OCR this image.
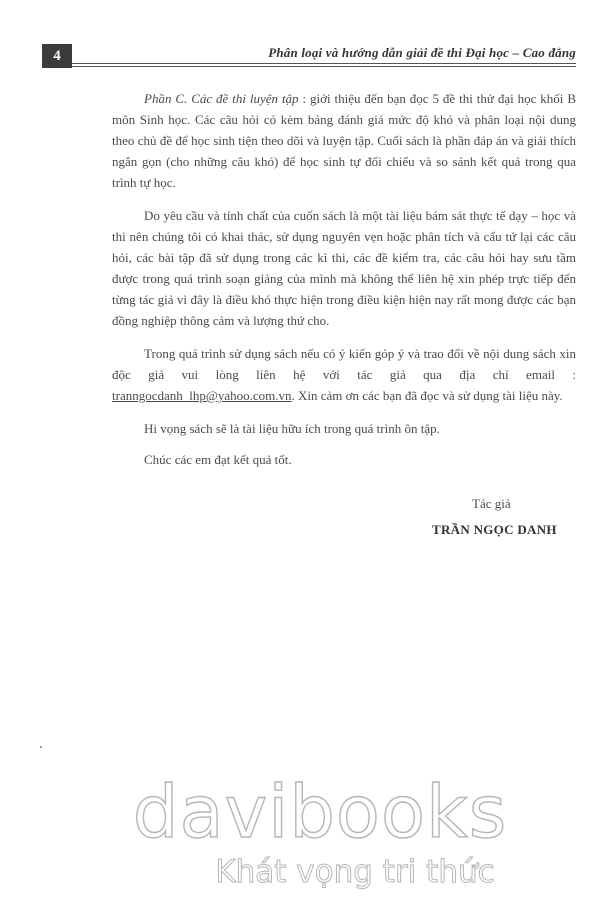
4	Phân loại và hướng dẫn giải đề thi Đại học – Cao đẳng

Phần C. Các đề thi luyện tập : giới thiệu đến bạn đọc 5 đề thi thử đại học khối B môn Sinh học. Các câu hỏi có kèm bảng đánh giá mức độ khó và phân loại nội dung theo chủ đề để học sinh tiện theo dõi và luyện tập. Cuối sách là phần đáp án và giải thích ngắn gọn (cho những câu khó) để học sinh tự đối chiếu và so sánh kết quả trong qua trình tự học.

Do yêu cầu và tính chất của cuốn sách là một tài liệu bám sát thực tế dạy – học và thi nên chúng tôi có khai thác, sử dụng nguyên vẹn hoặc phân tích và cấu tứ lại các câu hỏi, các bài tập đã sử dụng trong các kì thi, các đề kiểm tra, các câu hỏi hay sưu tầm được trong quá trình soạn giảng của mình mà không thể liên hệ xin phép trực tiếp đến từng tác giả vì đây là điều khó thực hiện trong điều kiện hiện nay rất mong được các bạn đồng nghiệp thông cảm và lượng thứ cho.

Trong quá trình sử dụng sách nếu có ý kiến góp ý và trao đổi về nội dung sách xin độc giả vui lòng liên hệ với tác giả qua địa chỉ email : tranngocdanh_lhp@yahoo.com.vn. Xin cảm ơn các bạn đã đọc và sử dụng tài liệu này.

Hi vọng sách sẽ là tài liệu hữu ích trong quá trình ôn tập.

Chúc các em đạt kết quả tốt.

Tác giả
TRẦN NGỌC DANH
davibooks
Khát vọng tri thức
